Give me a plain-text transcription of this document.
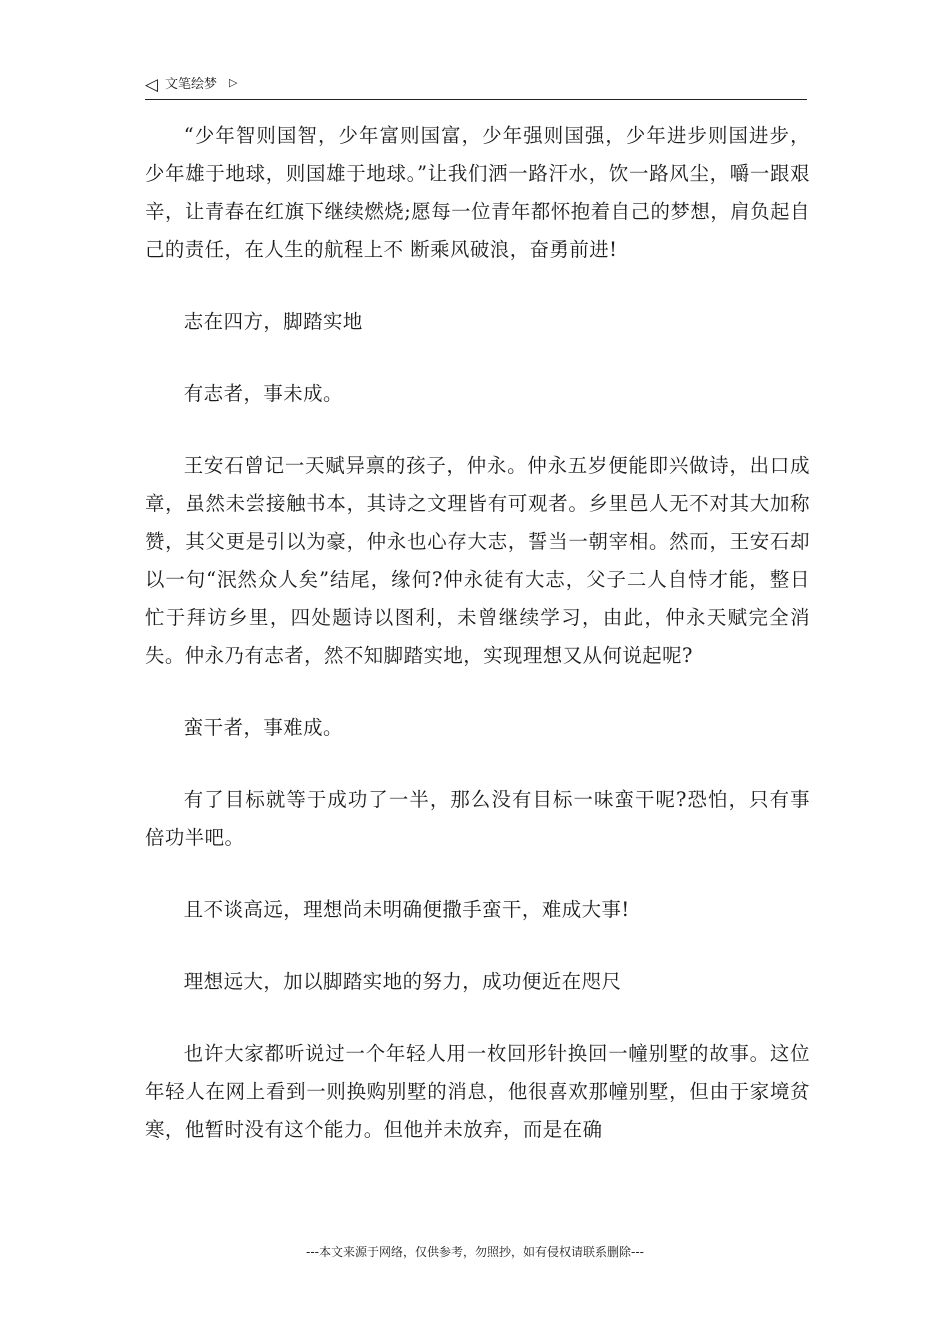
◁ 文笔绘梦 ▷

“少年智则国智，少年富则国富，少年强则国强，少年进步则国进步，少年雄于地球，则国雄于地球。”让我们洒一路汗水，饮一路风尘，嚼一跟艰辛，让青春在红旗下继续燃烧;愿每一位青年都怀抱着自己的梦想，肩负起自己的责任，在人生的航程上不 断乘风破浪，奋勇前进!

志在四方，脚踏实地

有志者，事未成。

王安石曾记一天赋异禀的孩子，仲永。仲永五岁便能即兴做诗，出口成章，虽然未尝接触书本，其诗之文理皆有可观者。乡里邑人无不对其大加称赞，其父更是引以为豪，仲永也心存大志，誓当一朝宰相。然而，王安石却以一句“泯然众人矣”结尾，缘何?仲永徒有大志，父子二人自恃才能，整日忙于拜访乡里，四处题诗以图利，未曾继续学习，由此，仲永天赋完全消失。仲永乃有志者，然不知脚踏实地，实现理想又从何说起呢?

蛮干者，事难成。

有了目标就等于成功了一半，那么没有目标一味蛮干呢?恐怕，只有事倍功半吧。

且不谈高远，理想尚未明确便撒手蛮干，难成大事!

理想远大，加以脚踏实地的努力，成功便近在咫尺

也许大家都听说过一个年轻人用一枚回形针换回一幢别墅的故事。这位年轻人在网上看到一则换购别墅的消息，他很喜欢那幢别墅，但由于家境贫寒，他暂时没有这个能力。但他并未放弃，而是在确

---本文来源于网络，仅供参考，勿照抄，如有侵权请联系删除---
